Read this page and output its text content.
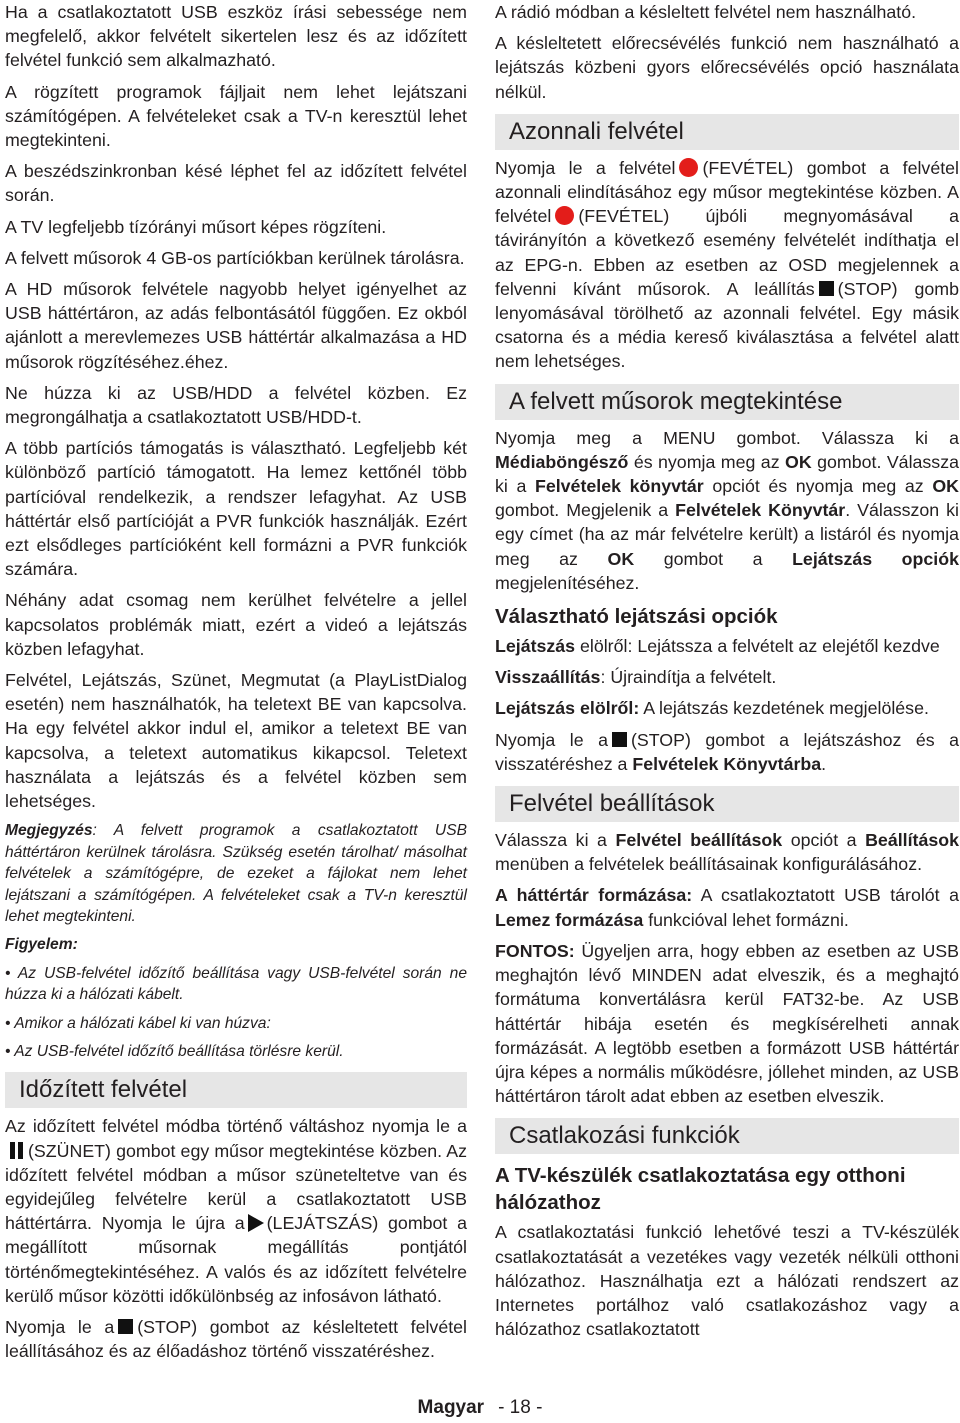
Ha a csatlakoztatott USB eszköz írási sebessége nem megfelelő, akkor felvételt sikertelen lesz és az időzített felvétel funkció sem alkalmazható.

A rögzített programok fájljait nem lehet lejátszani számítógépen. A felvételeket csak a TV-n keresztül lehet megtekinteni.

A beszédszinkronban késé léphet fel az időzített felvétel során.

A TV legfeljebb tízórányi műsort képes rögzíteni.

A felvett műsorok 4 GB-os partíciókban kerülnek tárolásra.

A HD műsorok felvétele nagyobb helyet igényelhet az USB háttértáron, az adás felbontásától függően. Ez okból ajánlott a merevlemezes USB háttértár alkalmazása a HD műsorok rögzítéséhez.éhez.

Ne húzza ki az USB/HDD a felvétel közben. Ez megrongálhatja a csatlakoztatott USB/HDD-t.

A több partíciós támogatás is választható. Legfeljebb két különböző partíció támogatott. Ha lemez kettőnél több partícióval rendelkezik, a rendszer lefagyhat. Az USB háttértár első partícióját a PVR funkciók használják. Ezért ezt elsődleges partícióként kell formázni a PVR funkciók számára.

Néhány adat csomag nem kerülhet felvételre a jellel kapcsolatos problémák miatt, ezért a videó a lejátszás közben lefagyhat.

Felvétel, Lejátszás, Szünet, Megmutat (a PlayListDialog esetén) nem használhatók, ha teletext BE van kapcsolva. Ha egy felvétel akkor indul el, amikor a teletext BE van kapcsolva, a teletext automatikus kikapcsol. Teletext használata a lejátszás és a felvétel közben sem lehetséges.

Megjegyzés: A felvett programok a csatlakoztatott USB háttértáron kerülnek tárolásra. Szükség esetén tárolhat/ másolhat felvételek a számítógépre, de ezeket a fájlokat nem lehet lejátszani a számítógépen. A felvételeket csak a TV-n keresztül lehet megtekinteni.

Figyelem:

• Az USB-felvétel időzítő beállítása vagy USB-felvétel során ne húzza ki a hálózati kábelt.

• Amikor a hálózati kábel ki van húzva:

• Az USB-felvétel időzítő beállítása törlésre kerül.

Időzített felvétel

Az időzített felvétel módba történő váltáshoz nyomja le a(SZÜNET) gombot egy műsor megtekintése közben. Az időzített felvétel módban a műsor szüneteltetve van és egyidejűleg felvételre kerül a csatlakoztatott USB háttértárra. Nyomja le újra a (LEJÁTSZÁS) gombot a megállított műsornak megállítás pontjától történőmegtekintéséhez. A valós és az időzített felvételre kerülő műsor közötti időkülönbség az infosávon látható.

Nyomja le a (STOP) gombot az késleltetett felvétel leállításához és az élőadáshoz történő visszatéréshez.

A rádió módban a késleltett felvétel nem használható.

A késleltetett előrecsévélés funkció nem használható a lejátszás közbeni gyors előrecsévélés opció használata nélkül.

Azonnali felvétel

Nyomja le a felvétel (FEVÉTEL) gombot a felvétel azonnali elindításához egy műsor megtekintése közben. A felvétel (FEVÉTEL) újbóli megnyomásával a távirányítón a következő esemény felvételét indíthatja el az EPG-n. Ebben az esetben az OSD megjelennek a felvenni kívánt műsorok. A leállítás (STOP) gomb lenyomásával törölhető az azonnali felvétel. Egy másik csatorna és a média kereső kiválasztása a felvétel alatt nem lehetséges.

A felvett műsorok megtekintése

Nyomja meg a MENU gombot. Válassza ki a Médiaböngésző és nyomja meg az OK gombot. Válassza ki a Felvételek könyvtár opciót és nyomja meg az OK gombot. Megjelenik a Felvételek Könyvtár. Válasszon ki egy címet (ha az már felvételre került) a listáról és nyomja meg az OK gombot a Lejátszás opciók megjelenítéséhez.

Választható lejátszási opciók

Lejátszás elölről: Lejátssza a felvételt az elejétől kezdve

Visszaállítás: Újraindítja a felvételt.

Lejátszás elölről: A lejátszás kezdetének megjelölése.

Nyomja le a (STOP) gombot a lejátszáshoz és a visszatéréshez a Felvételek Könyvtárba.

Felvétel beállítások

Válassza ki a Felvétel beállítások opciót a Beállítások menüben a felvételek beállításainak konfigurálásához.

A háttértár formázása: A csatlakoztatott USB tárolót a Lemez formázása funkcióval lehet formázni.

FONTOS: Ügyeljen arra, hogy ebben az esetben az USB meghajtón lévő MINDEN adat elveszik, és a meghajtó formátuma konvertálásra kerül FAT32-be. Az USB háttértár hibája esetén és megkísérelheti annak formázását. A legtöbb esetben a formázott USB háttértár újra képes a normális működésre, jóllehet minden, az USB háttértáron tárolt adat ebben az esetben elveszik.

Csatlakozási funkciók
A TV-készülék csatlakoztatása egy otthoni hálózathoz

A csatlakoztatási funkció lehetővé teszi a TV-készülék csatlakoztatását a vezetékes vagy vezeték nélküli otthoni hálózathoz. Használhatja ezt a hálózati rendszert az Internetes portálhoz való csatlakozáshoz vagy a hálózathoz csatlakoztatott

Magyar - 18 -
